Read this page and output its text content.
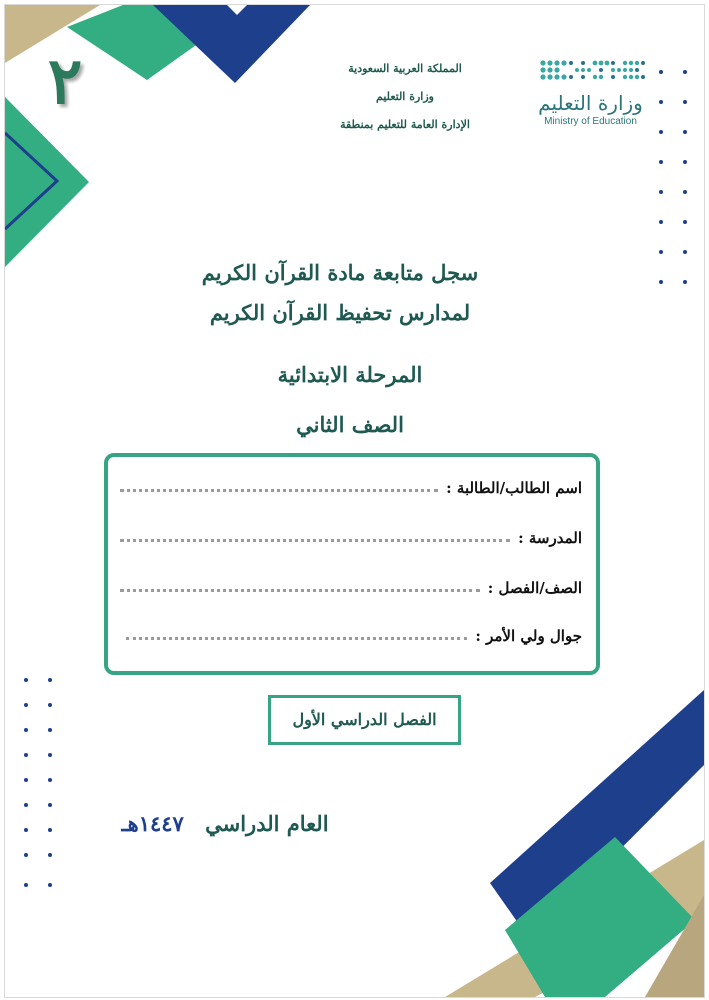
٢	وزارة التعليم
Ministry of Education
المملكة العربية السعودية
وزارة التعليم
الإدارة العامة للتعليم بمنطقة
سجل متابعة مادة القرآن الكريم
لمدارس تحفيظ القرآن الكريم
المرحلة الابتدائية
الصف الثاني
اسم الطالب/الطالبة :
المدرسة :
الصف/الفصل :
جوال ولي الأمر :
الفصل الدراسي الأول
العام الدراسي ١٤٤٧هـ
